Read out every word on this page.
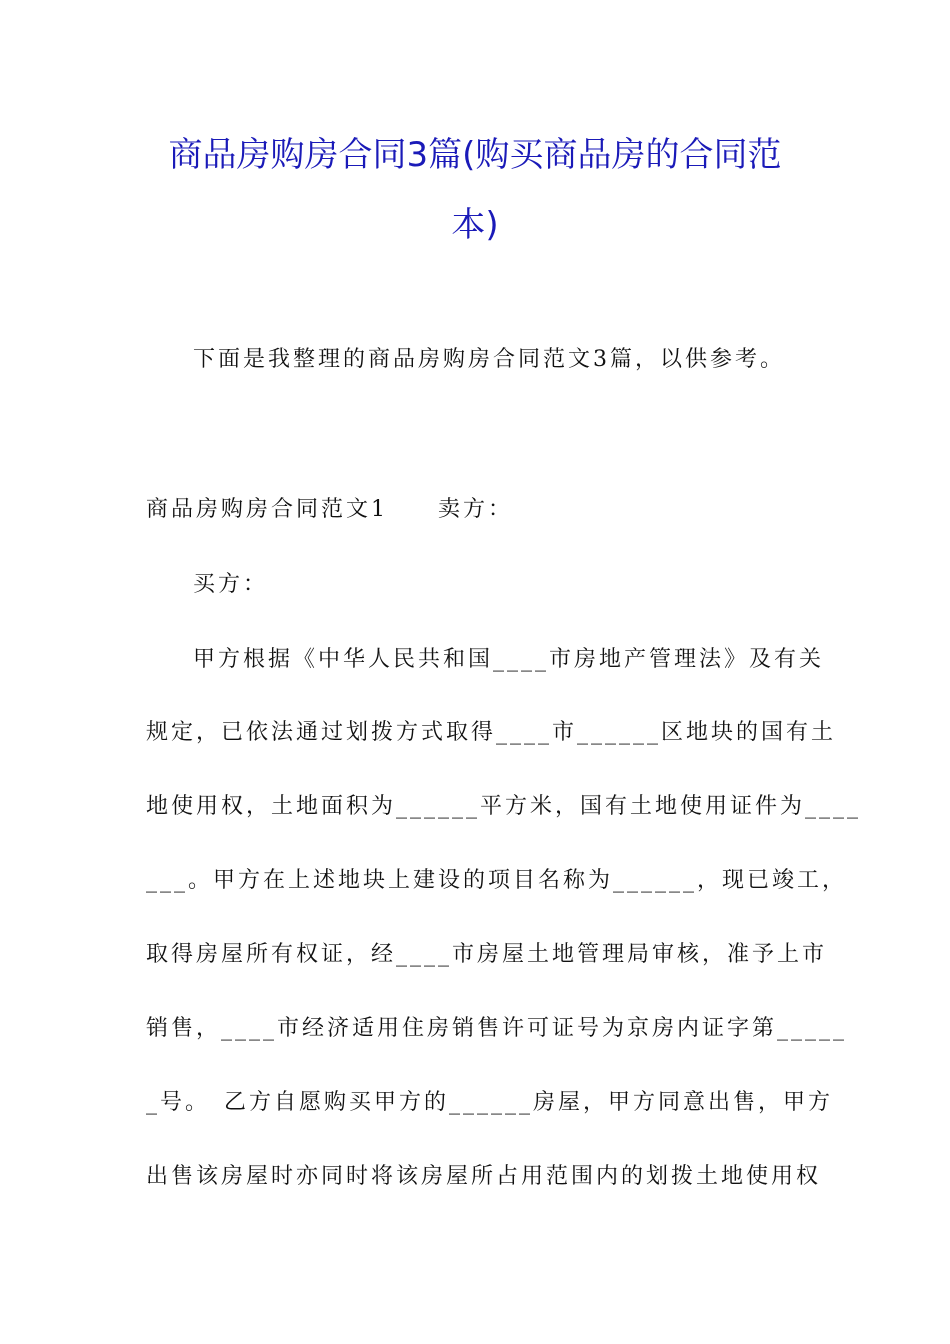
商品房购房合同3篇(购买商品房的合同范
本)
下面是我整理的商品房购房合同范文3篇，以供参考。
商品房购房合同范文1　　卖方：
买方：
甲方根据《中华人民共和国____市房地产管理法》及有关
规定，已依法通过划拨方式取得____市______区地块的国有土
地使用权，土地面积为______平方米，国有土地使用证件为____
___。甲方在上述地块上建设的项目名称为______，现已竣工，
取得房屋所有权证，经____市房屋土地管理局审核，准予上市
销售，____市经济适用住房销售许可证号为京房内证字第_____
_号。　乙方自愿购买甲方的______房屋，甲方同意出售，甲方
出售该房屋时亦同时将该房屋所占用范围内的划拨土地使用权
